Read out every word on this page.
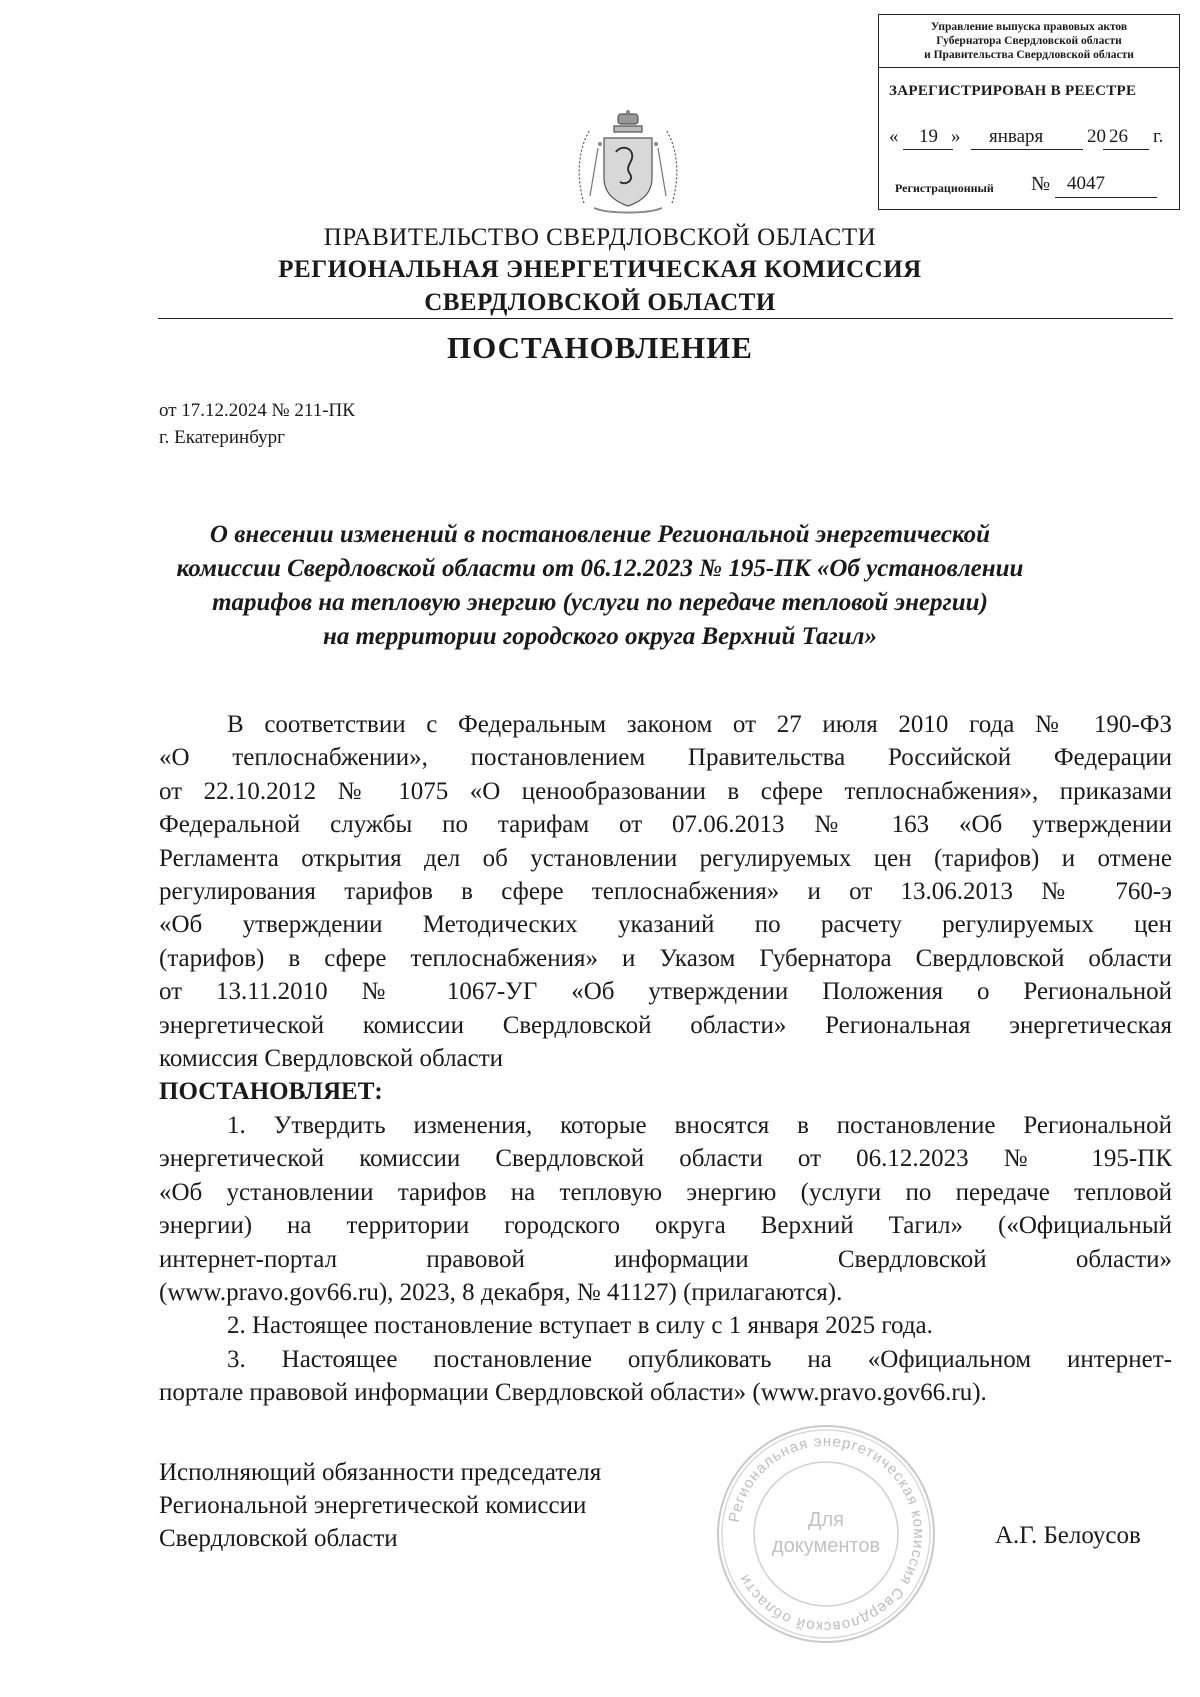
Управление выпуска правовых актов
Губернатора Свердловской области
и Правительства Свердловской области
ЗАРЕГИСТРИРОВАН В РЕЕСТРЕ
« 19 » января 20 26 г.
Регистрационный № 4047
ПРАВИТЕЛЬСТВО СВЕРДЛОВСКОЙ ОБЛАСТИ
РЕГИОНАЛЬНАЯ ЭНЕРГЕТИЧЕСКАЯ КОМИССИЯ
СВЕРДЛОВСКОЙ ОБЛАСТИ
ПОСТАНОВЛЕНИЕ
от 17.12.2024 № 211-ПК
г. Екатеринбург
О внесении изменений в постановление Региональной энергетической
комиссии Свердловской области от 06.12.2023 № 195-ПК «Об установлении
тарифов на тепловую энергию (услуги по передаче тепловой энергии)
на территории городского округа Верхний Тагил»
В соответствии с Федеральным законом от 27 июля 2010 года № 190-ФЗ
«О теплоснабжении», постановлением Правительства Российской Федерации
от 22.10.2012 № 1075 «О ценообразовании в сфере теплоснабжения», приказами
Федеральной службы по тарифам от 07.06.2013 № 163 «Об утверждении
Регламента открытия дел об установлении регулируемых цен (тарифов) и отмене
регулирования тарифов в сфере теплоснабжения» и от 13.06.2013 № 760-э
«Об утверждении Методических указаний по расчету регулируемых цен
(тарифов) в сфере теплоснабжения» и Указом Губернатора Свердловской области
от 13.11.2010 № 1067-УГ «Об утверждении Положения о Региональной
энергетической комиссии Свердловской области» Региональная энергетическая
комиссия Свердловской области
ПОСТАНОВЛЯЕТ:
1. Утвердить изменения, которые вносятся в постановление Региональной
энергетической комиссии Свердловской области от 06.12.2023 № 195-ПК
«Об установлении тарифов на тепловую энергию (услуги по передаче тепловой
энергии) на территории городского округа Верхний Тагил» («Официальный
интернет-портал правовой информации Свердловской области»
(www.pravo.gov66.ru), 2023, 8 декабря, № 41127) (прилагаются).
2. Настоящее постановление вступает в силу с 1 января 2025 года.
3. Настоящее постановление опубликовать на «Официальном интернет-
портале правовой информации Свердловской области» (www.pravo.gov66.ru).
Исполняющий обязанности председателя
Региональной энергетической комиссии
Свердловской области
Региональная энергетическая комиссия Свердловской области
Для
документов	А.Г. Белоусов
